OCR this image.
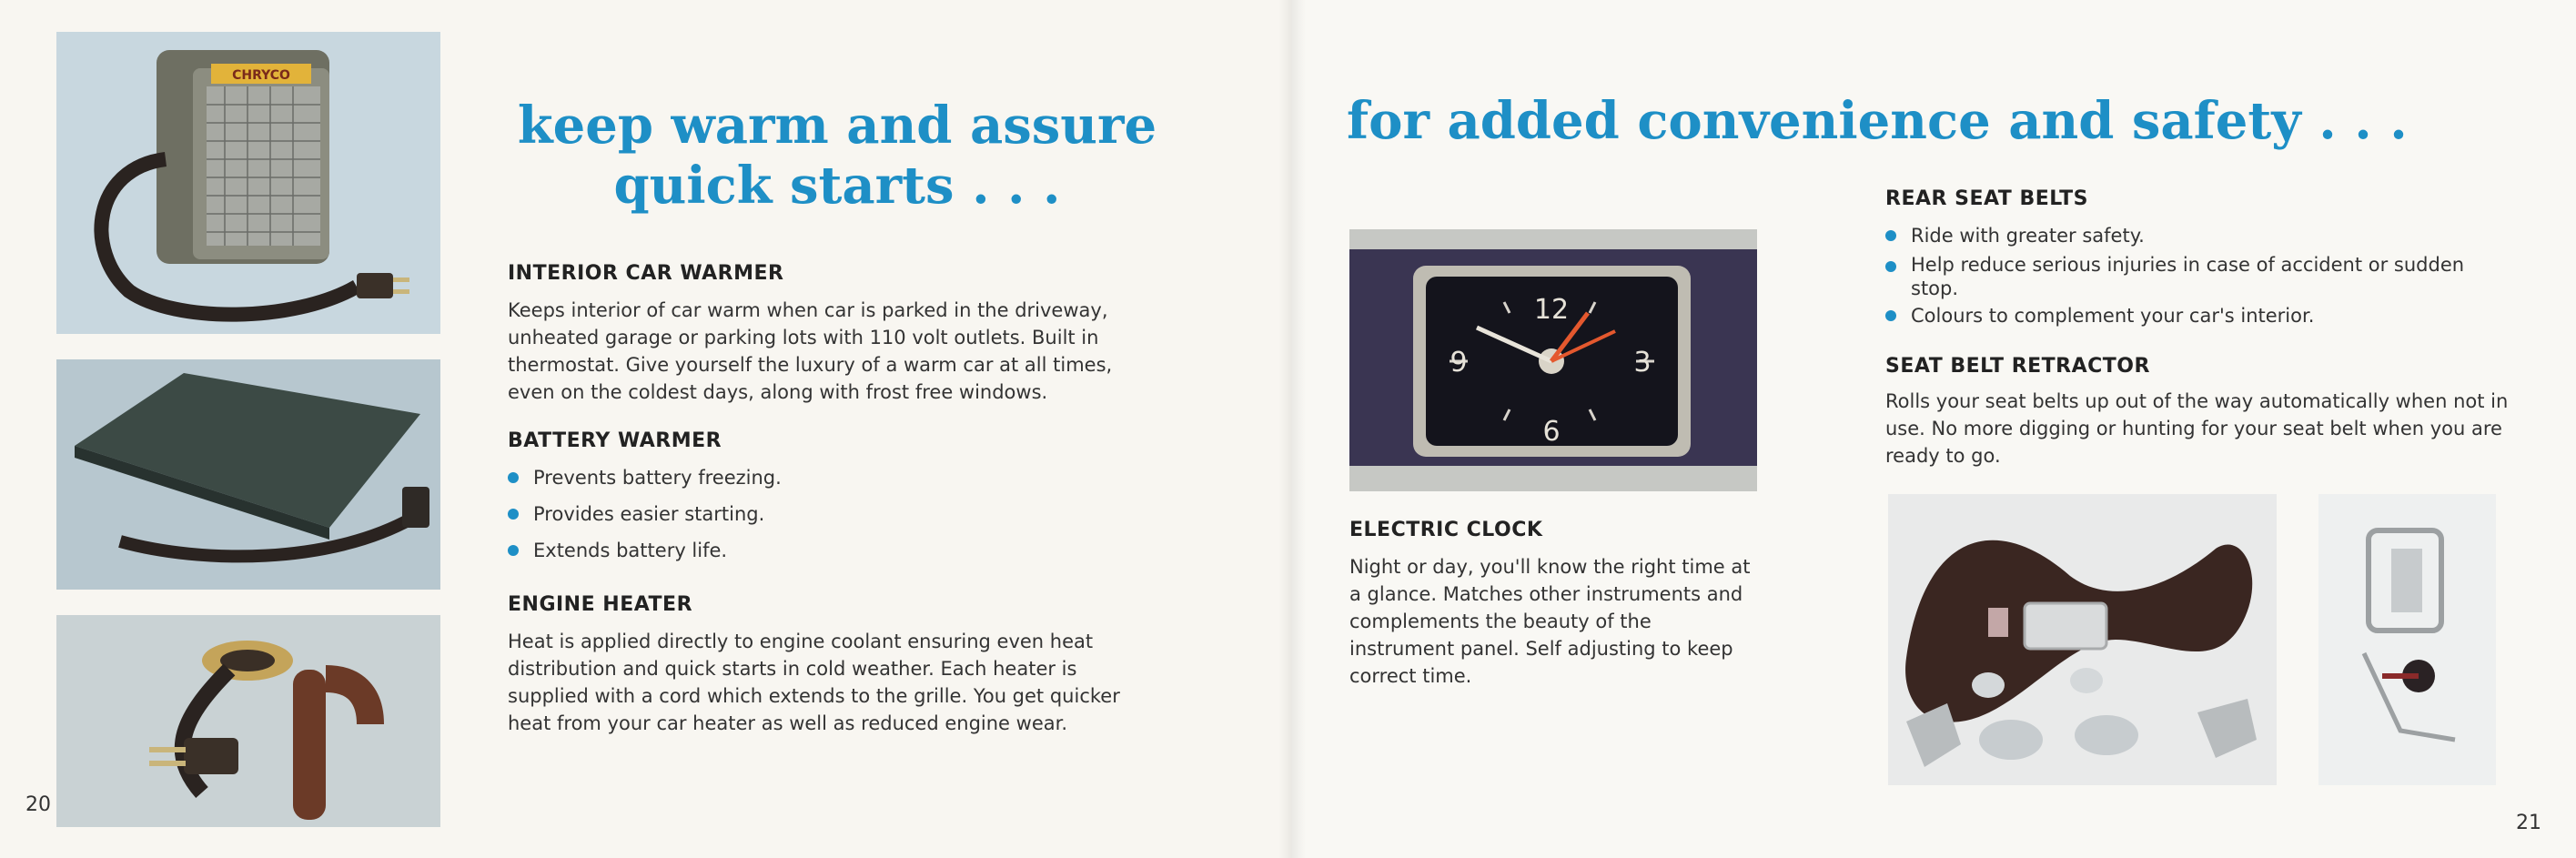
CHRYCO
20
keep warm and assure
quick starts . . .
INTERIOR CAR WARMER

Keeps interior of car warm when car is parked in the driveway, unheated garage or parking lots with 110 volt outlets. Built in thermostat. Give yourself the luxury of a warm car at all times, even on the coldest days, along with frost free windows.

BATTERY WARMER
Prevents battery freezing.
Provides easier starting.
Extends battery life.
ENGINE HEATER

Heat is applied directly to engine coolant ensuring even heat distribution and quick starts in cold weather. Each heater is supplied with a cord which extends to the grille. You get quicker heat from your car heater as well as reduced engine wear.

for added convenience and safety . . .
12
3
6
9
ELECTRIC CLOCK

Night or day, you'll know the right time at a glance. Matches other instruments and complements the beauty of the instrument panel. Self adjusting to keep correct time.

REAR SEAT BELTS
Ride with greater safety.
Help reduce serious injuries in case of accident or sudden stop.
Colours to complement your car's interior.
SEAT BELT RETRACTOR

Rolls your seat belts up out of the way automatically when not in use. No more digging or hunting for your seat belt when you are ready to go.

21
